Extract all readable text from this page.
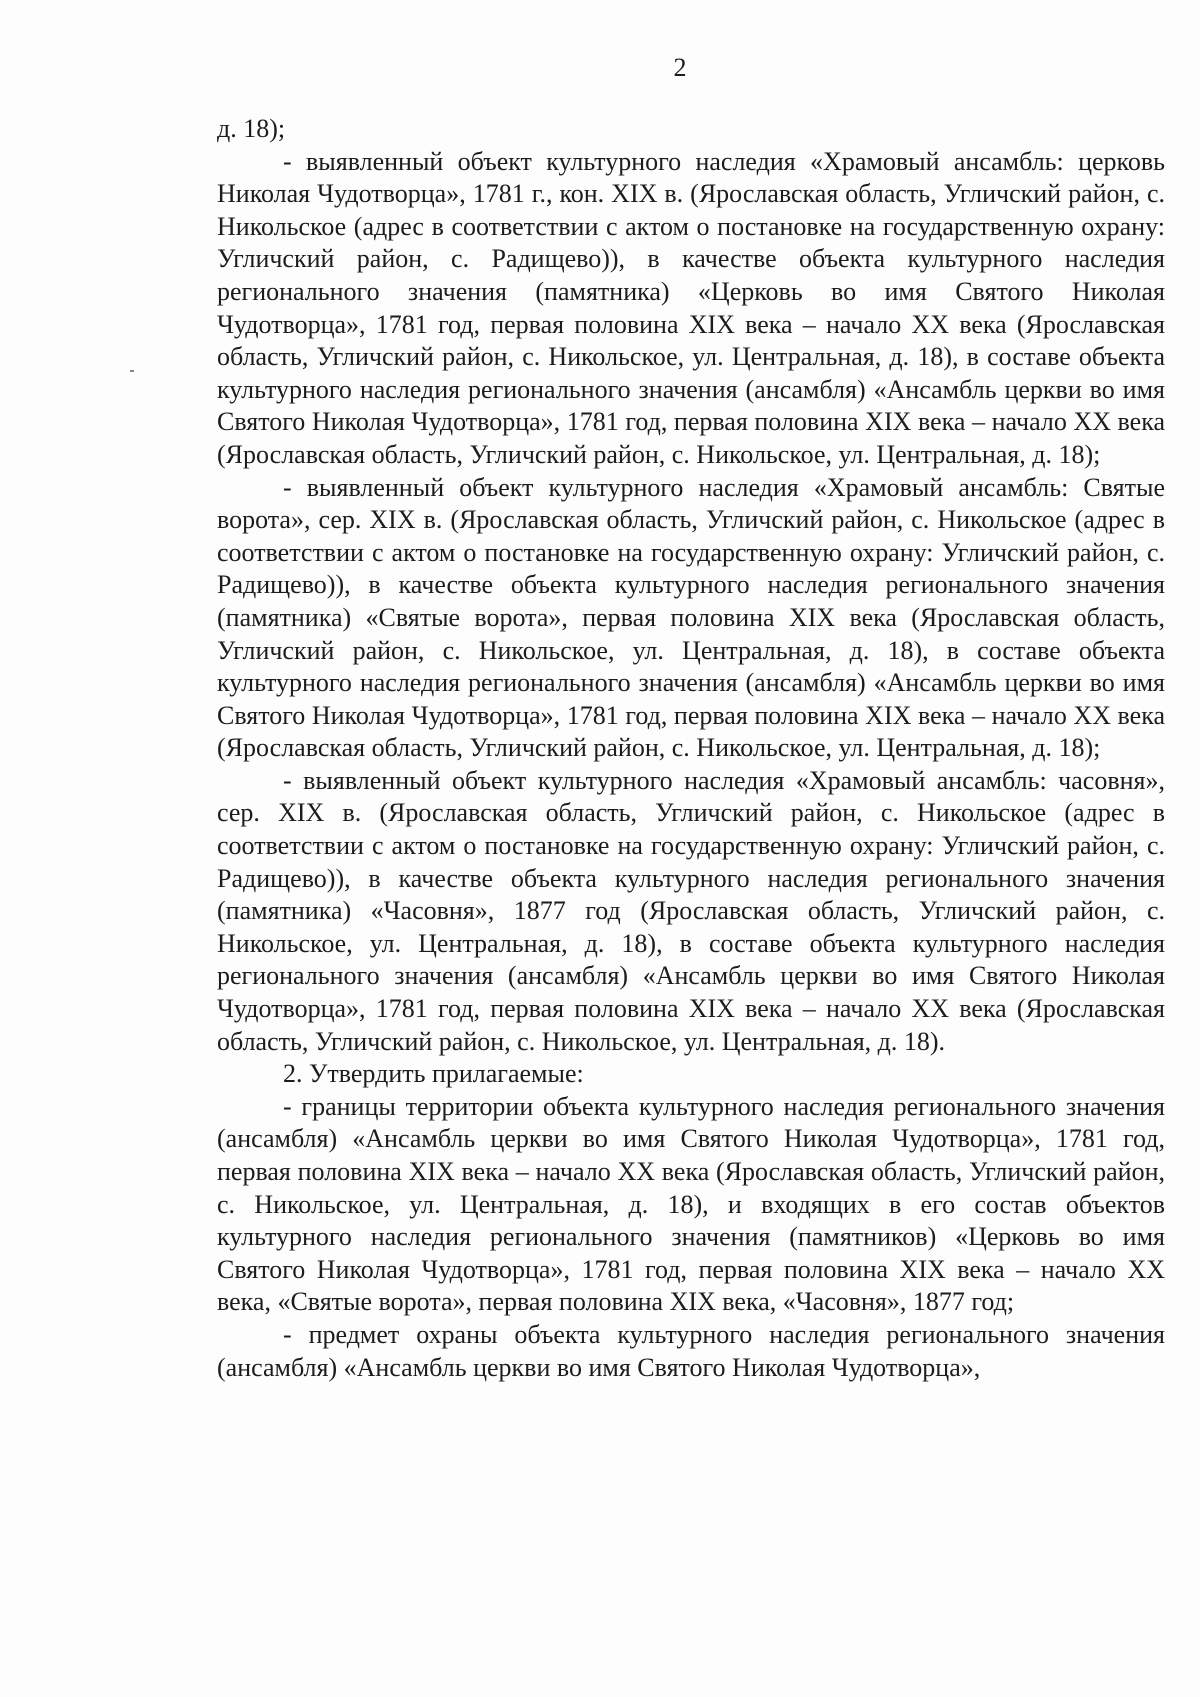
2

д. 18);

- выявленный объект культурного наследия «Храмовый ансамбль: церковь Николая Чудотворца», 1781 г., кон. XIX в. (Ярославская область, Угличский район, с. Никольское (адрес в соответствии с актом о постановке на государственную охрану: Угличский район, с. Радищево)), в качестве объекта культурного наследия регионального значения (памятника) «Церковь во имя Святого Николая Чудотворца», 1781 год, первая половина XIX века – начало XX века (Ярославская область, Угличский район, с. Никольское, ул. Центральная, д. 18), в составе объекта культурного наследия регионального значения (ансамбля) «Ансамбль церкви во имя Святого Николая Чудотворца», 1781 год, первая половина XIX века – начало XX века (Ярославская область, Угличский район, с. Никольское, ул. Центральная, д. 18);

- выявленный объект культурного наследия «Храмовый ансамбль: Святые ворота», сер. XIX в. (Ярославская область, Угличский район, с. Никольское (адрес в соответствии с актом о постановке на государственную охрану: Угличский район, с. Радищево)), в качестве объекта культурного наследия регионального значения (памятника) «Святые ворота», первая половина XIX века (Ярославская область, Угличский район, с. Никольское, ул. Центральная, д. 18), в составе объекта культурного наследия регионального значения (ансамбля) «Ансамбль церкви во имя Святого Николая Чудотворца», 1781 год, первая половина XIX века – начало XX века (Ярославская область, Угличский район, с. Никольское, ул. Центральная, д. 18);

- выявленный объект культурного наследия «Храмовый ансамбль: часовня», сер. XIX в. (Ярославская область, Угличский район, с. Никольское (адрес в соответствии с актом о постановке на государственную охрану: Угличский район, с. Радищево)), в качестве объекта культурного наследия регионального значения (памятника) «Часовня», 1877 год (Ярославская область, Угличский район, с. Никольское, ул. Центральная, д. 18), в составе объекта культурного наследия регионального значения (ансамбля) «Ансамбль церкви во имя Святого Николая Чудотворца», 1781 год, первая половина XIX века – начало XX века (Ярославская область, Угличский район, с. Никольское, ул. Центральная, д. 18).

2. Утвердить прилагаемые:

- границы территории объекта культурного наследия регионального значения (ансамбля) «Ансамбль церкви во имя Святого Николая Чудотворца», 1781 год, первая половина XIX века – начало XX века (Ярославская область, Угличский район, с. Никольское, ул. Центральная, д. 18), и входящих в его состав объектов культурного наследия регионального значения (памятников) «Церковь во имя Святого Николая Чудотворца», 1781 год, первая половина XIX века – начало XX века, «Святые ворота», первая половина XIX века, «Часовня», 1877 год;

- предмет охраны объекта культурного наследия регионального значения (ансамбля) «Ансамбль церкви во имя Святого Николая Чудотворца»,
